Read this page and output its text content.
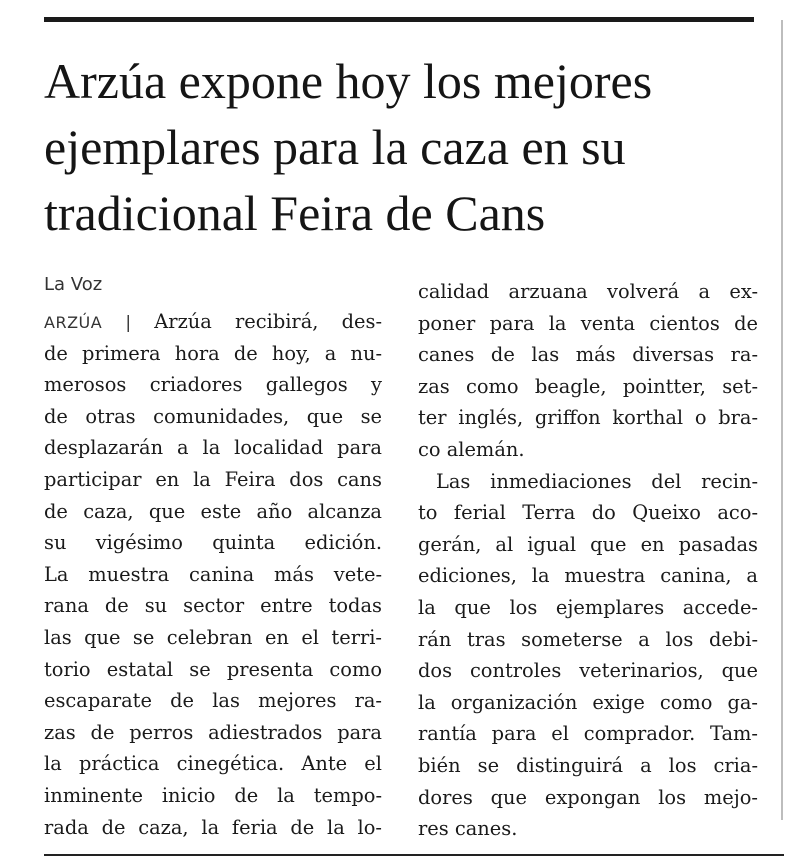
Arzúa expone hoy los mejores
ejemplares para la caza en su
tradicional Feira de Cans
La Voz
ARZÚA | Arzúa recibirá, des-
de primera hora de hoy, a nu-
merosos criadores gallegos y
de otras comunidades, que se
desplazarán a la localidad para
participar en la Feira dos cans
de caza, que este año alcanza
su vigésimo quinta edición.
La muestra canina más vete-
rana de su sector entre todas
las que se celebran en el terri-
torio estatal se presenta como
escaparate de las mejores ra-
zas de perros adiestrados para
la práctica cinegética. Ante el
inminente inicio de la tempo-
rada de caza, la feria de la lo-
calidad arzuana volverá a ex-
poner para la venta cientos de
canes de las más diversas ra-
zas como beagle, pointter, set-
ter inglés, griffon korthal o bra-
co alemán.
Las inmediaciones del recin-
to ferial Terra do Queixo aco-
gerán, al igual que en pasadas
ediciones, la muestra canina, a
la que los ejemplares accede-
rán tras someterse a los debi-
dos controles veterinarios, que
la organización exige como ga-
rantía para el comprador. Tam-
bién se distinguirá a los cria-
dores que expongan los mejo-
res canes.
